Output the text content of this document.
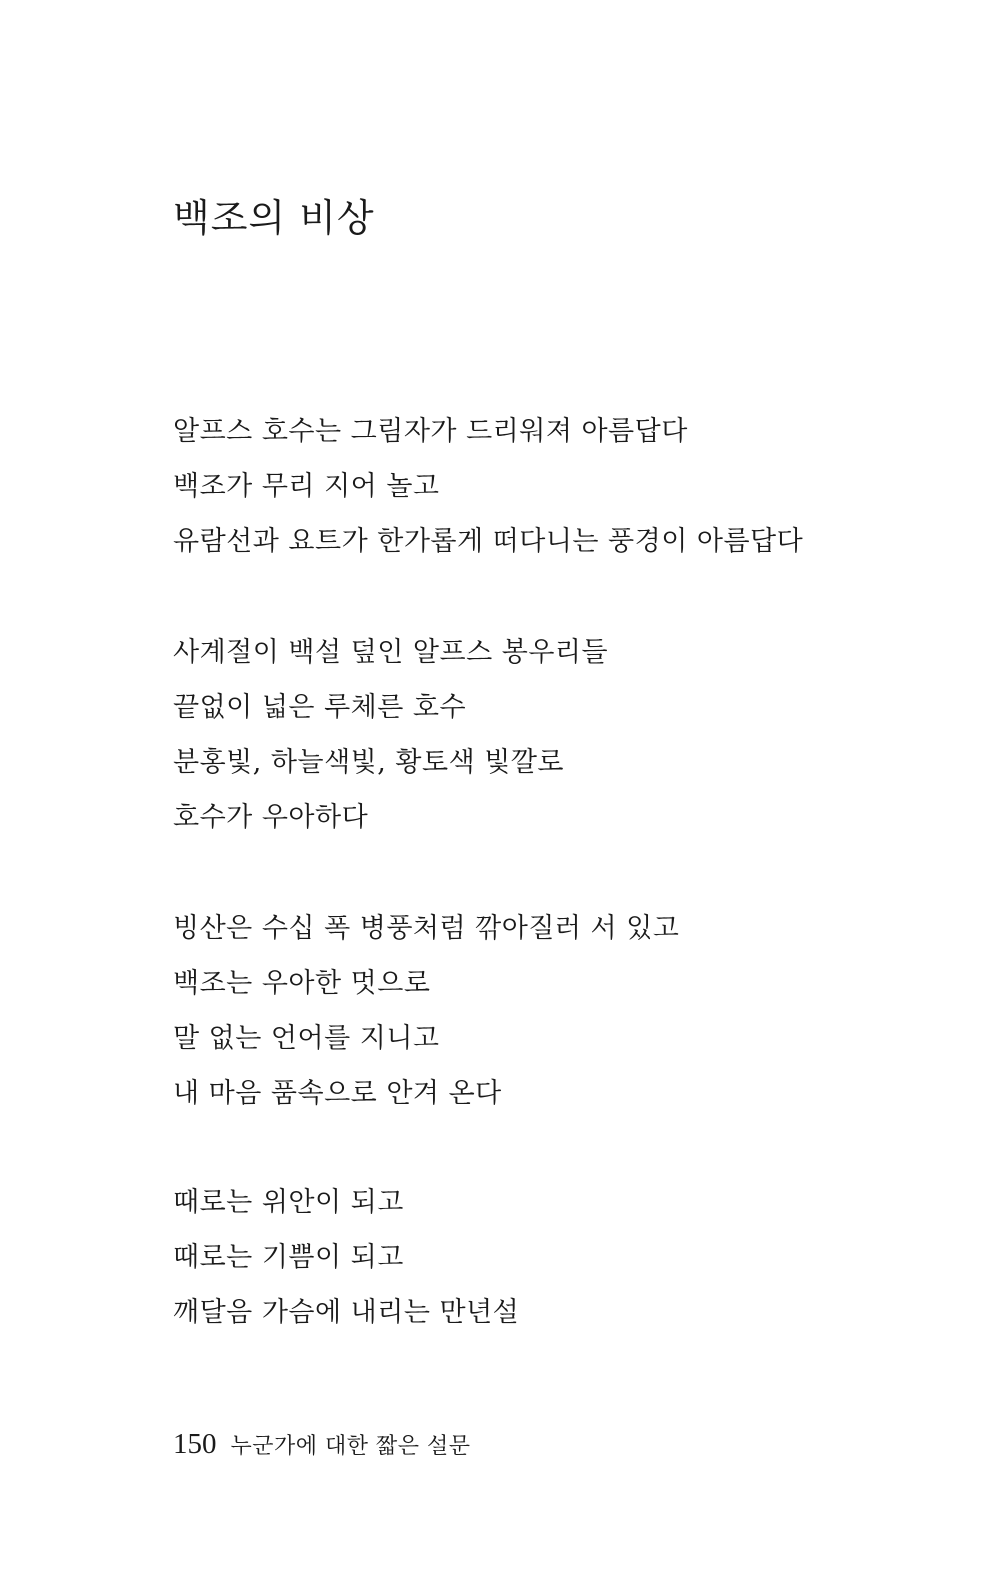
백조의 비상
알프스 호수는 그림자가 드리워져 아름답다
백조가 무리 지어 놀고
유람선과 요트가 한가롭게 떠다니는 풍경이 아름답다
사계절이 백설 덮인 알프스 봉우리들
끝없이 넓은 루체른 호수
분홍빛, 하늘색빛, 황토색 빛깔로
호수가 우아하다
빙산은 수십 폭 병풍처럼 깎아질러 서 있고
백조는 우아한 멋으로
말 없는 언어를 지니고
내 마음 품속으로 안겨 온다
때로는 위안이 되고
때로는 기쁨이 되고
깨달음 가슴에 내리는 만년설
150 누군가에 대한 짧은 설문
